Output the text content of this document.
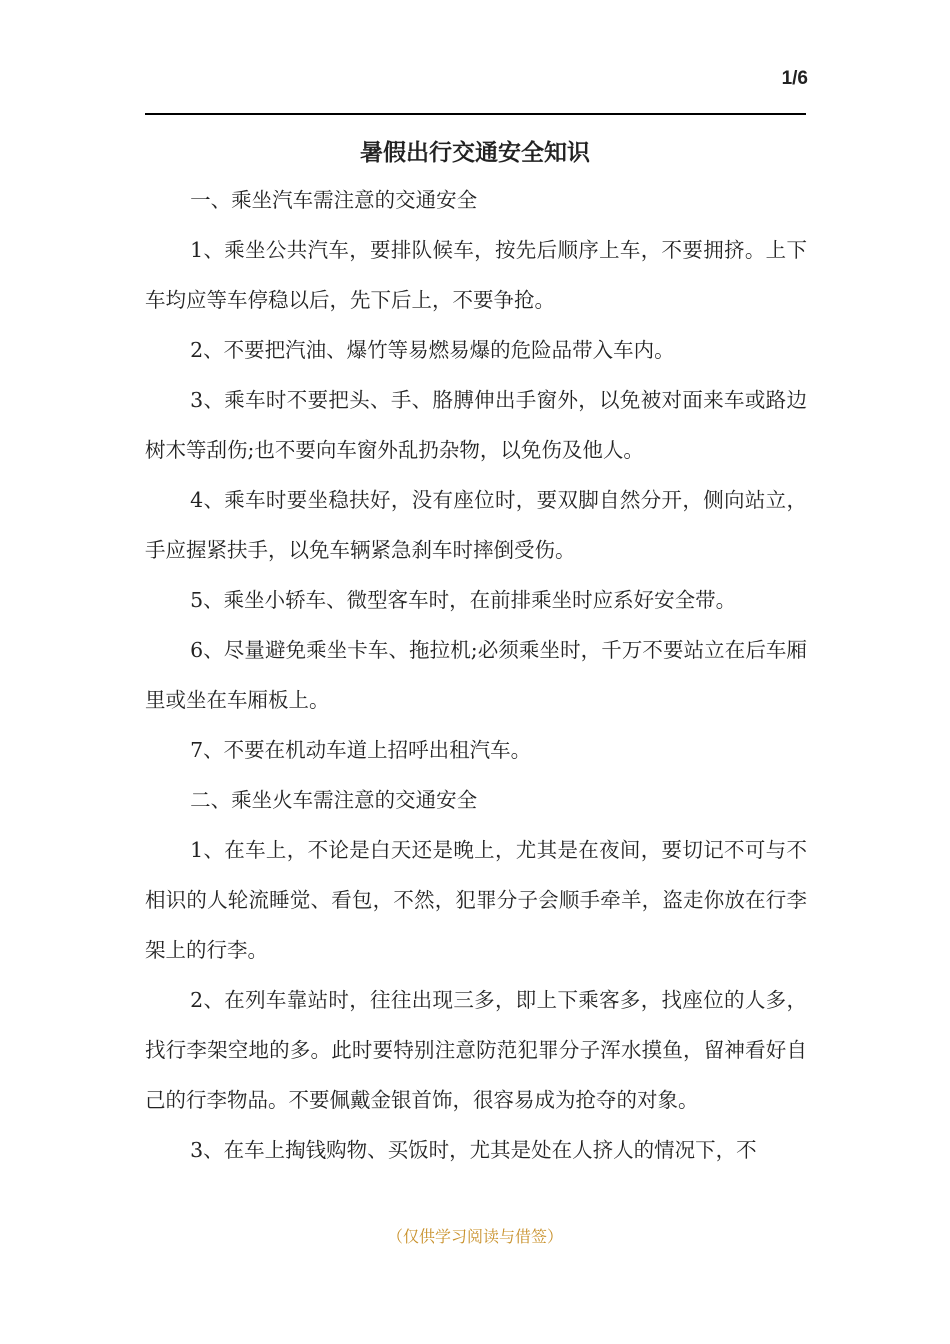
1/6
暑假出行交通安全知识

一、乘坐汽车需注意的交通安全

1、乘坐公共汽车，要排队候车，按先后顺序上车，不要拥挤。上下车均应等车停稳以后，先下后上，不要争抢。

2、不要把汽油、爆竹等易燃易爆的危险品带入车内。

3、乘车时不要把头、手、胳膊伸出手窗外，以免被对面来车或路边树木等刮伤;也不要向车窗外乱扔杂物，以免伤及他人。

4、乘车时要坐稳扶好，没有座位时，要双脚自然分开，侧向站立，手应握紧扶手，以免车辆紧急刹车时摔倒受伤。

5、乘坐小轿车、微型客车时，在前排乘坐时应系好安全带。

6、尽量避免乘坐卡车、拖拉机;必须乘坐时，千万不要站立在后车厢里或坐在车厢板上。

7、不要在机动车道上招呼出租汽车。

二、乘坐火车需注意的交通安全

1、在车上，不论是白天还是晚上，尤其是在夜间，要切记不可与不相识的人轮流睡觉、看包，不然，犯罪分子会顺手牵羊，盗走你放在行李架上的行李。

2、在列车靠站时，往往出现三多，即上下乘客多，找座位的人多，找行李架空地的多。此时要特别注意防范犯罪分子浑水摸鱼，留神看好自己的行李物品。不要佩戴金银首饰，很容易成为抢夺的对象。

3、在车上掏钱购物、买饭时，尤其是处在人挤人的情况下，不

（仅供学习阅读与借签）
